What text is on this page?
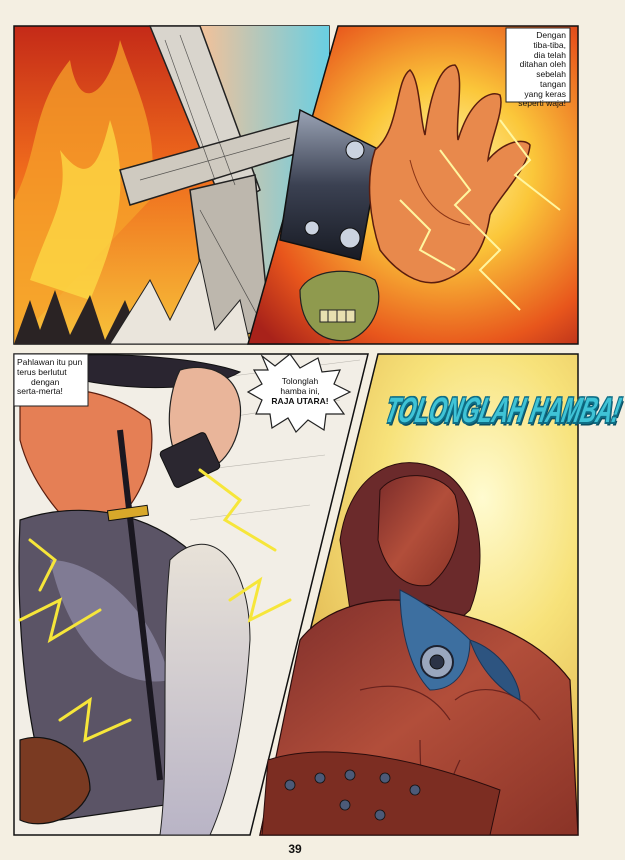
Dengan
tiba-tiba,
dia telah
ditahan oleh
sebelah tangan
yang keras
seperti waja!
Pahlawan itu pun
terus berlutut
dengan
serta-merta!
Tolonglah
hamba ini,
RAJA UTARA!	TOLONGLAH HAMBA!
39
